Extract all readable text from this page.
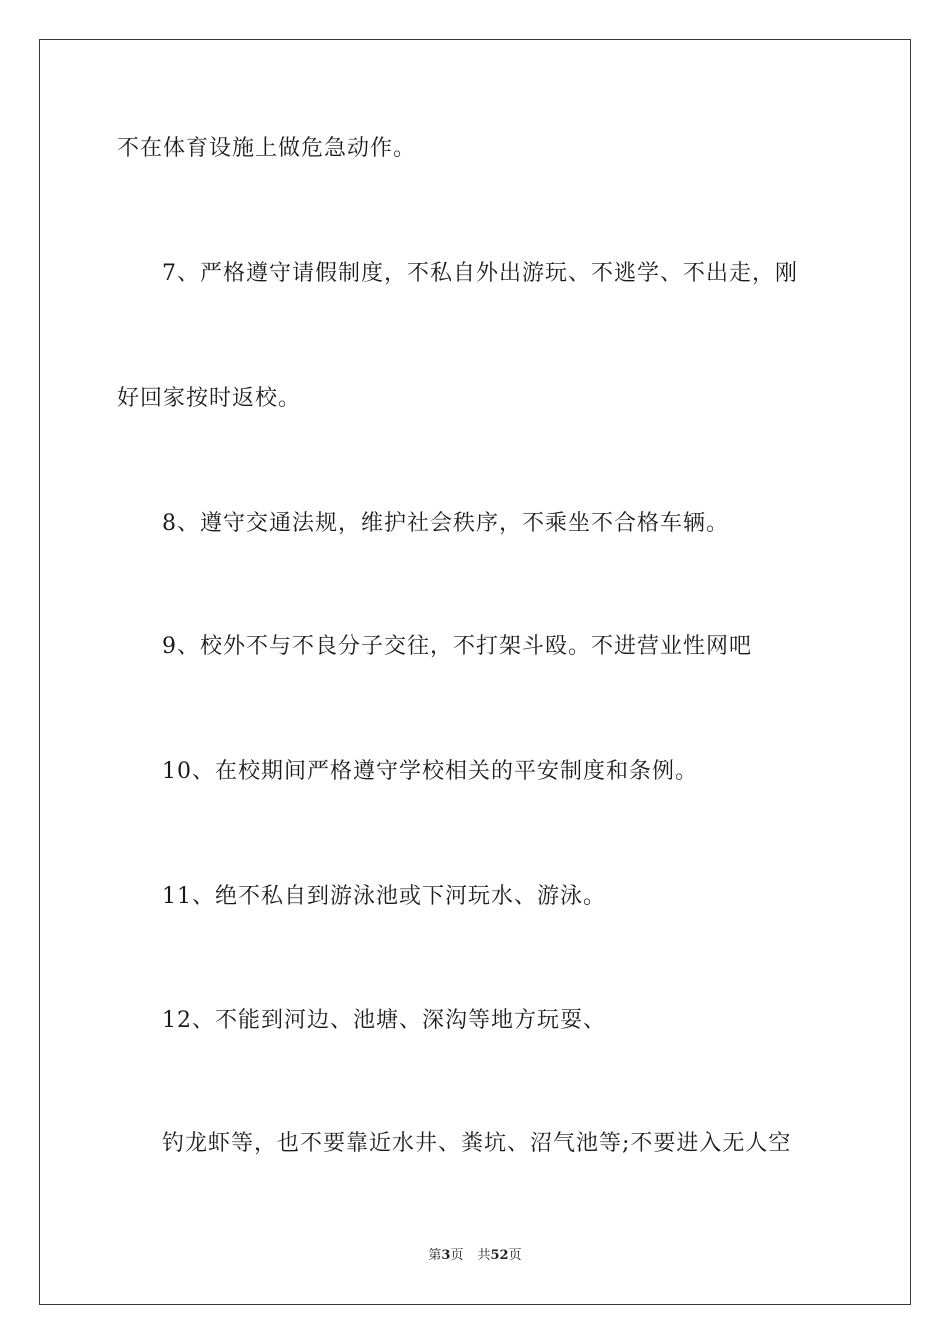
不在体育设施上做危急动作。
7、严格遵守请假制度，不私自外出游玩、不逃学、不出走，刚
好回家按时返校。
8、遵守交通法规，维护社会秩序，不乘坐不合格车辆。
9、校外不与不良分子交往，不打架斗殴。不进营业性网吧
10、在校期间严格遵守学校相关的平安制度和条例。
11、绝不私自到游泳池或下河玩水、游泳。
12、不能到河边、池塘、深沟等地方玩耍、
钓龙虾等，也不要靠近水井、粪坑、沼气池等;不要进入无人空
第3页 共52页
